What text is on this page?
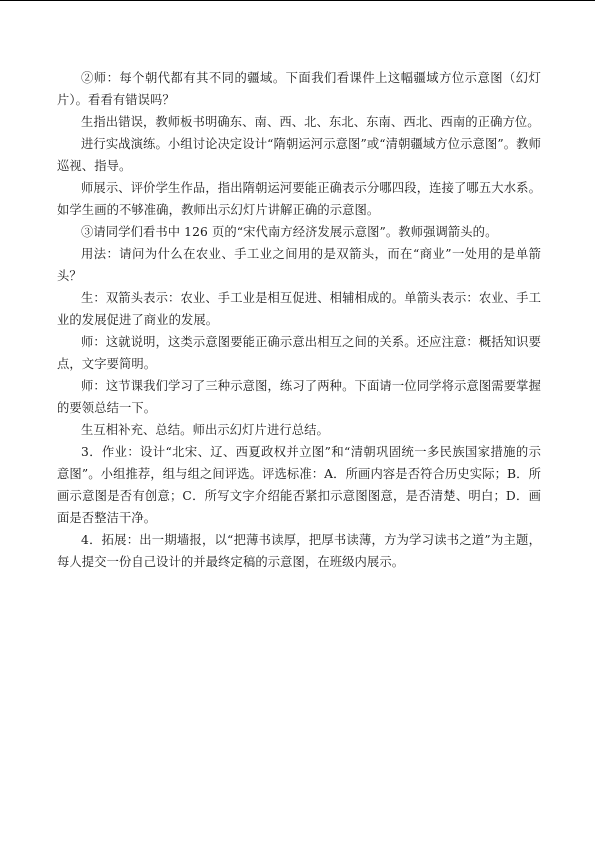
②师：每个朝代都有其不同的疆域。下面我们看课件上这幅疆域方位示意图（幻灯片）。看看有错误吗？

生指出错误，教师板书明确东、南、西、北、东北、东南、西北、西南的正确方位。

进行实战演练。小组讨论决定设计“隋朝运河示意图”或“清朝疆域方位示意图”。教师巡视、指导。

师展示、评价学生作品，指出隋朝运河要能正确表示分哪四段，连接了哪五大水系。如学生画的不够准确，教师出示幻灯片讲解正确的示意图。

③请同学们看书中 126 页的“宋代南方经济发展示意图”。教师强调箭头的。

用法：请问为什么在农业、手工业之间用的是双箭头，而在“商业”一处用的是单箭头？

生：双箭头表示：农业、手工业是相互促进、相辅相成的。单箭头表示：农业、手工业的发展促进了商业的发展。

师：这就说明，这类示意图要能正确示意出相互之间的关系。还应注意：概括知识要点，文字要简明。

师：这节课我们学习了三种示意图，练习了两种。下面请一位同学将示意图需要掌握的要领总结一下。

生互相补充、总结。师出示幻灯片进行总结。

3．作业：设计“北宋、辽、西夏政权并立图”和“清朝巩固统一多民族国家措施的示意图”。小组推荐，组与组之间评选。评选标准：A．所画内容是否符合历史实际；B．所画示意图是否有创意；C．所写文字介绍能否紧扣示意图图意，是否清楚、明白；D．画面是否整洁干净。

4．拓展：出一期墙报，以“把薄书读厚，把厚书读薄，方为学习读书之道”为主题，每人提交一份自己设计的并最终定稿的示意图，在班级内展示。
